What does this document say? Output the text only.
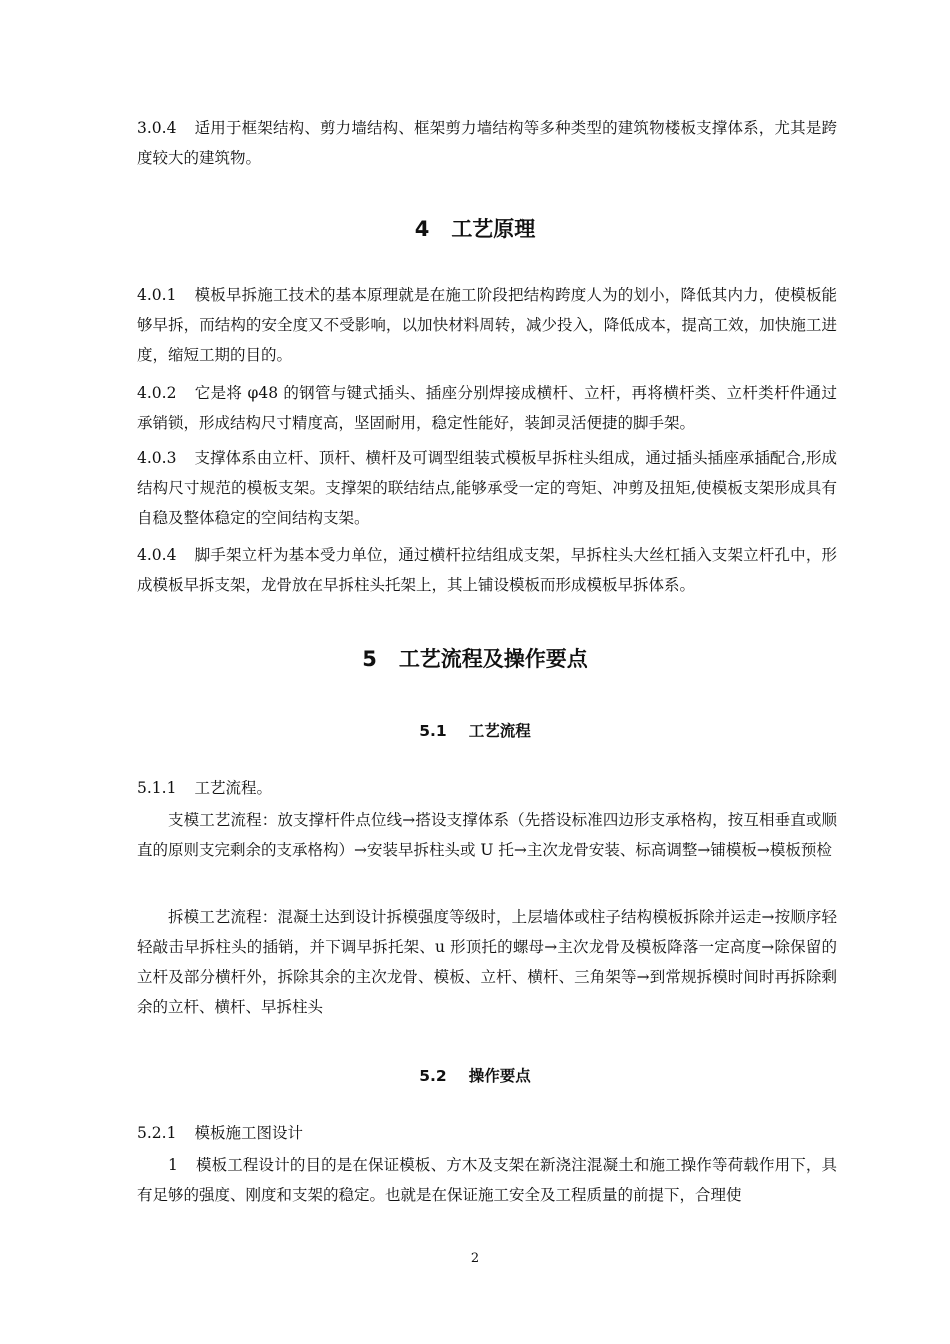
3.0.4 适用于框架结构、剪力墙结构、框架剪力墙结构等多种类型的建筑物楼板支撑体系，尤其是跨度较大的建筑物。

4 工艺原理

4.0.1 模板早拆施工技术的基本原理就是在施工阶段把结构跨度人为的划小，降低其内力，使模板能够早拆，而结构的安全度又不受影响，以加快材料周转，减少投入，降低成本，提高工效，加快施工进度，缩短工期的目的。

4.0.2 它是将 φ48 的钢管与键式插头、插座分别焊接成横杆、立杆，再将横杆类、立杆类杆件通过承销锁，形成结构尺寸精度高，坚固耐用，稳定性能好，装卸灵活便捷的脚手架。

4.0.3 支撑体系由立杆、顶杆、横杆及可调型组装式模板早拆柱头组成，通过插头插座承插配合,形成结构尺寸规范的模板支架。支撑架的联结结点,能够承受一定的弯矩、冲剪及扭矩,使模板支架形成具有自稳及整体稳定的空间结构支架。

4.0.4 脚手架立杆为基本受力单位，通过横杆拉结组成支架，早拆柱头大丝杠插入支架立杆孔中，形成模板早拆支架，龙骨放在早拆柱头托架上，其上铺设模板而形成模板早拆体系。

5 工艺流程及操作要点
5.1 工艺流程

5.1.1 工艺流程。

支模工艺流程：放支撑杆件点位线→搭设支撑体系（先搭设标准四边形支承格构，按互相垂直或顺直的原则支完剩余的支承格构）→安装早拆柱头或 U 托→主次龙骨安装、标高调整→铺模板→模板预检

拆模工艺流程：混凝土达到设计拆模强度等级时，上层墙体或柱子结构模板拆除并运走→按顺序轻轻敲击早拆柱头的插销，并下调早拆托架、u 形顶托的螺母→主次龙骨及模板降落一定高度→除保留的立杆及部分横杆外，拆除其余的主次龙骨、模板、立杆、横杆、三角架等→到常规拆模时间时再拆除剩余的立杆、横杆、早拆柱头

5.2 操作要点

5.2.1 模板施工图设计

1 模板工程设计的目的是在保证模板、方木及支架在新浇注混凝土和施工操作等荷载作用下，具有足够的强度、刚度和支架的稳定。也就是在保证施工安全及工程质量的前提下，合理使

2
